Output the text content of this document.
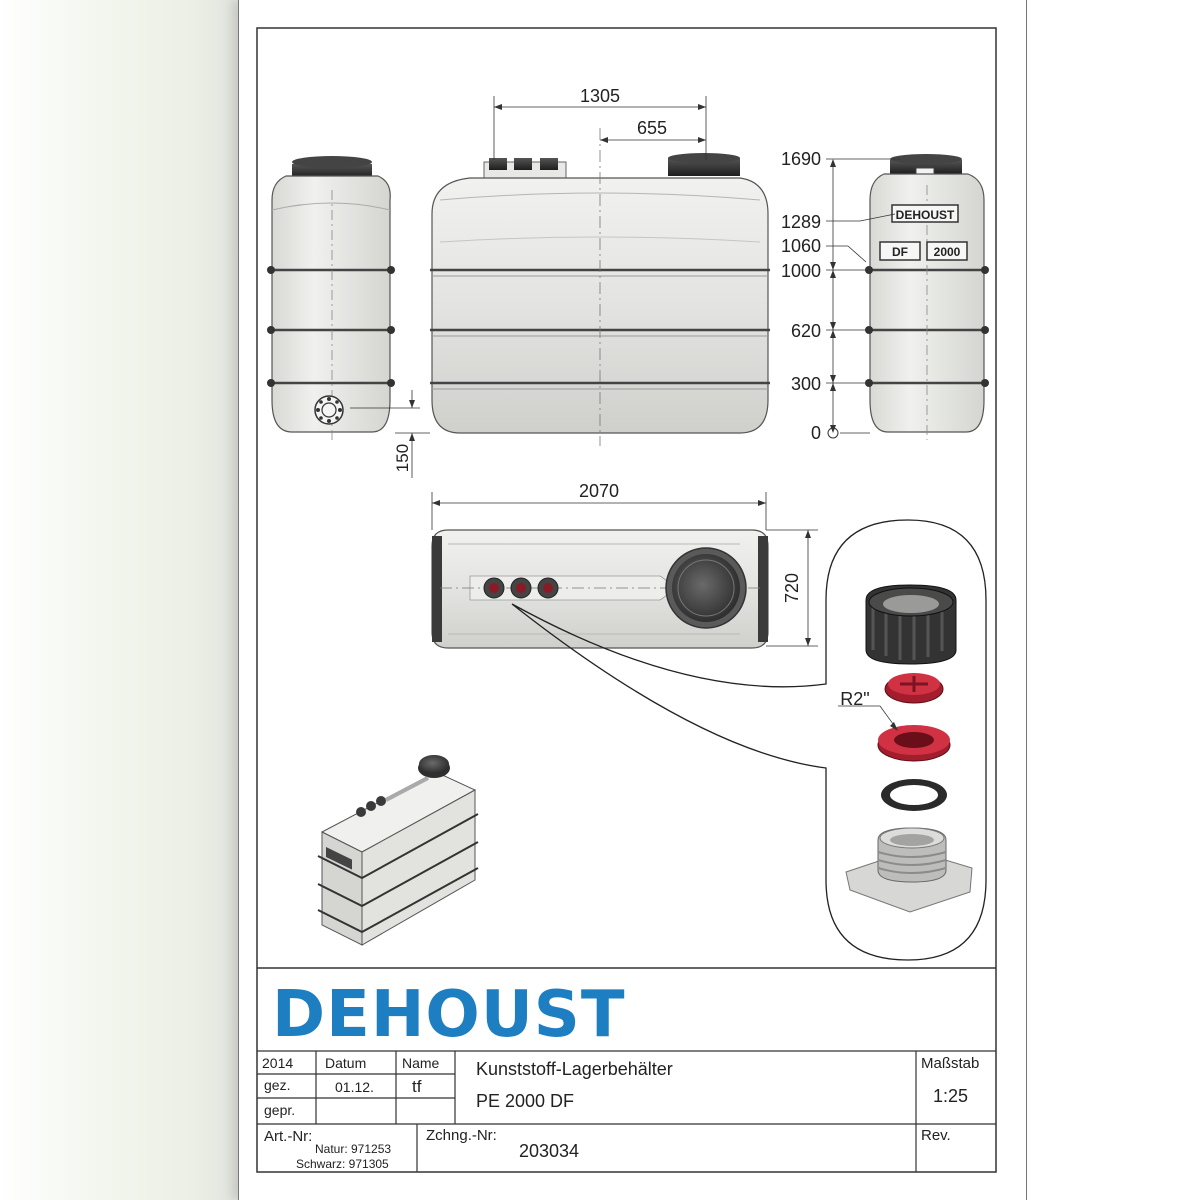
150
1305
655
DEHOUST
DF 2000
1690
1289
1060
1000
620
300
0
2070
720
R2"
DEHOUST
2014 Datum	Name
gez.	01.12. tf
gepr.
Kunststoff-Lagerbehälter
PE 2000 DF
Maßstab
1:25
Art.-Nr:
Natur: 971253
Schwarz: 971305
Zchng.-Nr:
203034
Rev.
